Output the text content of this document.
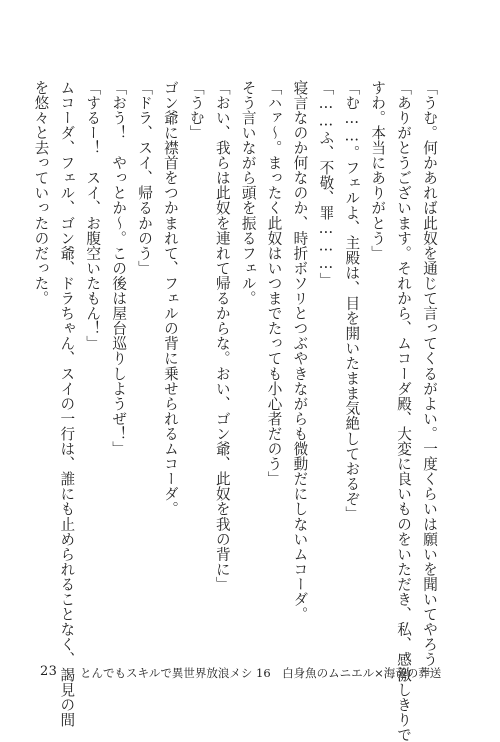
「うむ。何かあれば此奴を通じて言ってくるがよい。一度くらいは願いを聞いてやろう」
「ありがとうございます。それから、ムコーダ殿、大変に良いものをいただき、私、感激しきりで
すわ。本当にありがとう」
「む……。フェルよ、主殿は、目を開いたまま気絶しておるぞ」
「……ふ、不敬、罪………」
寝言なのか何なのか、時折ボソリとつぶやきながらも微動だにしないムコーダ。
「ハァ～。まったく此奴はいつまでたっても小心者だのう」
そう言いながら頭を振るフェル。
「おい、我らは此奴を連れて帰るからな。おい、ゴン爺、此奴を我の背に」
「うむ」
ゴン爺に襟首をつかまれて、フェルの背に乗せられるムコーダ。
「ドラ、スイ、帰るかのう」
「おう！　やっとか～。この後は屋台巡りしようぜ！」
「するー！　スイ、お腹空いたもん！」
ムコーダ、フェル、ゴン爺、ドラちゃん、スイの一行は、誰にも止められることなく、謁見の間
を悠々と去っていったのだった。
23 とんでもスキルで異世界放浪メシ 16　白身魚のムニエル×海竜の葬送
